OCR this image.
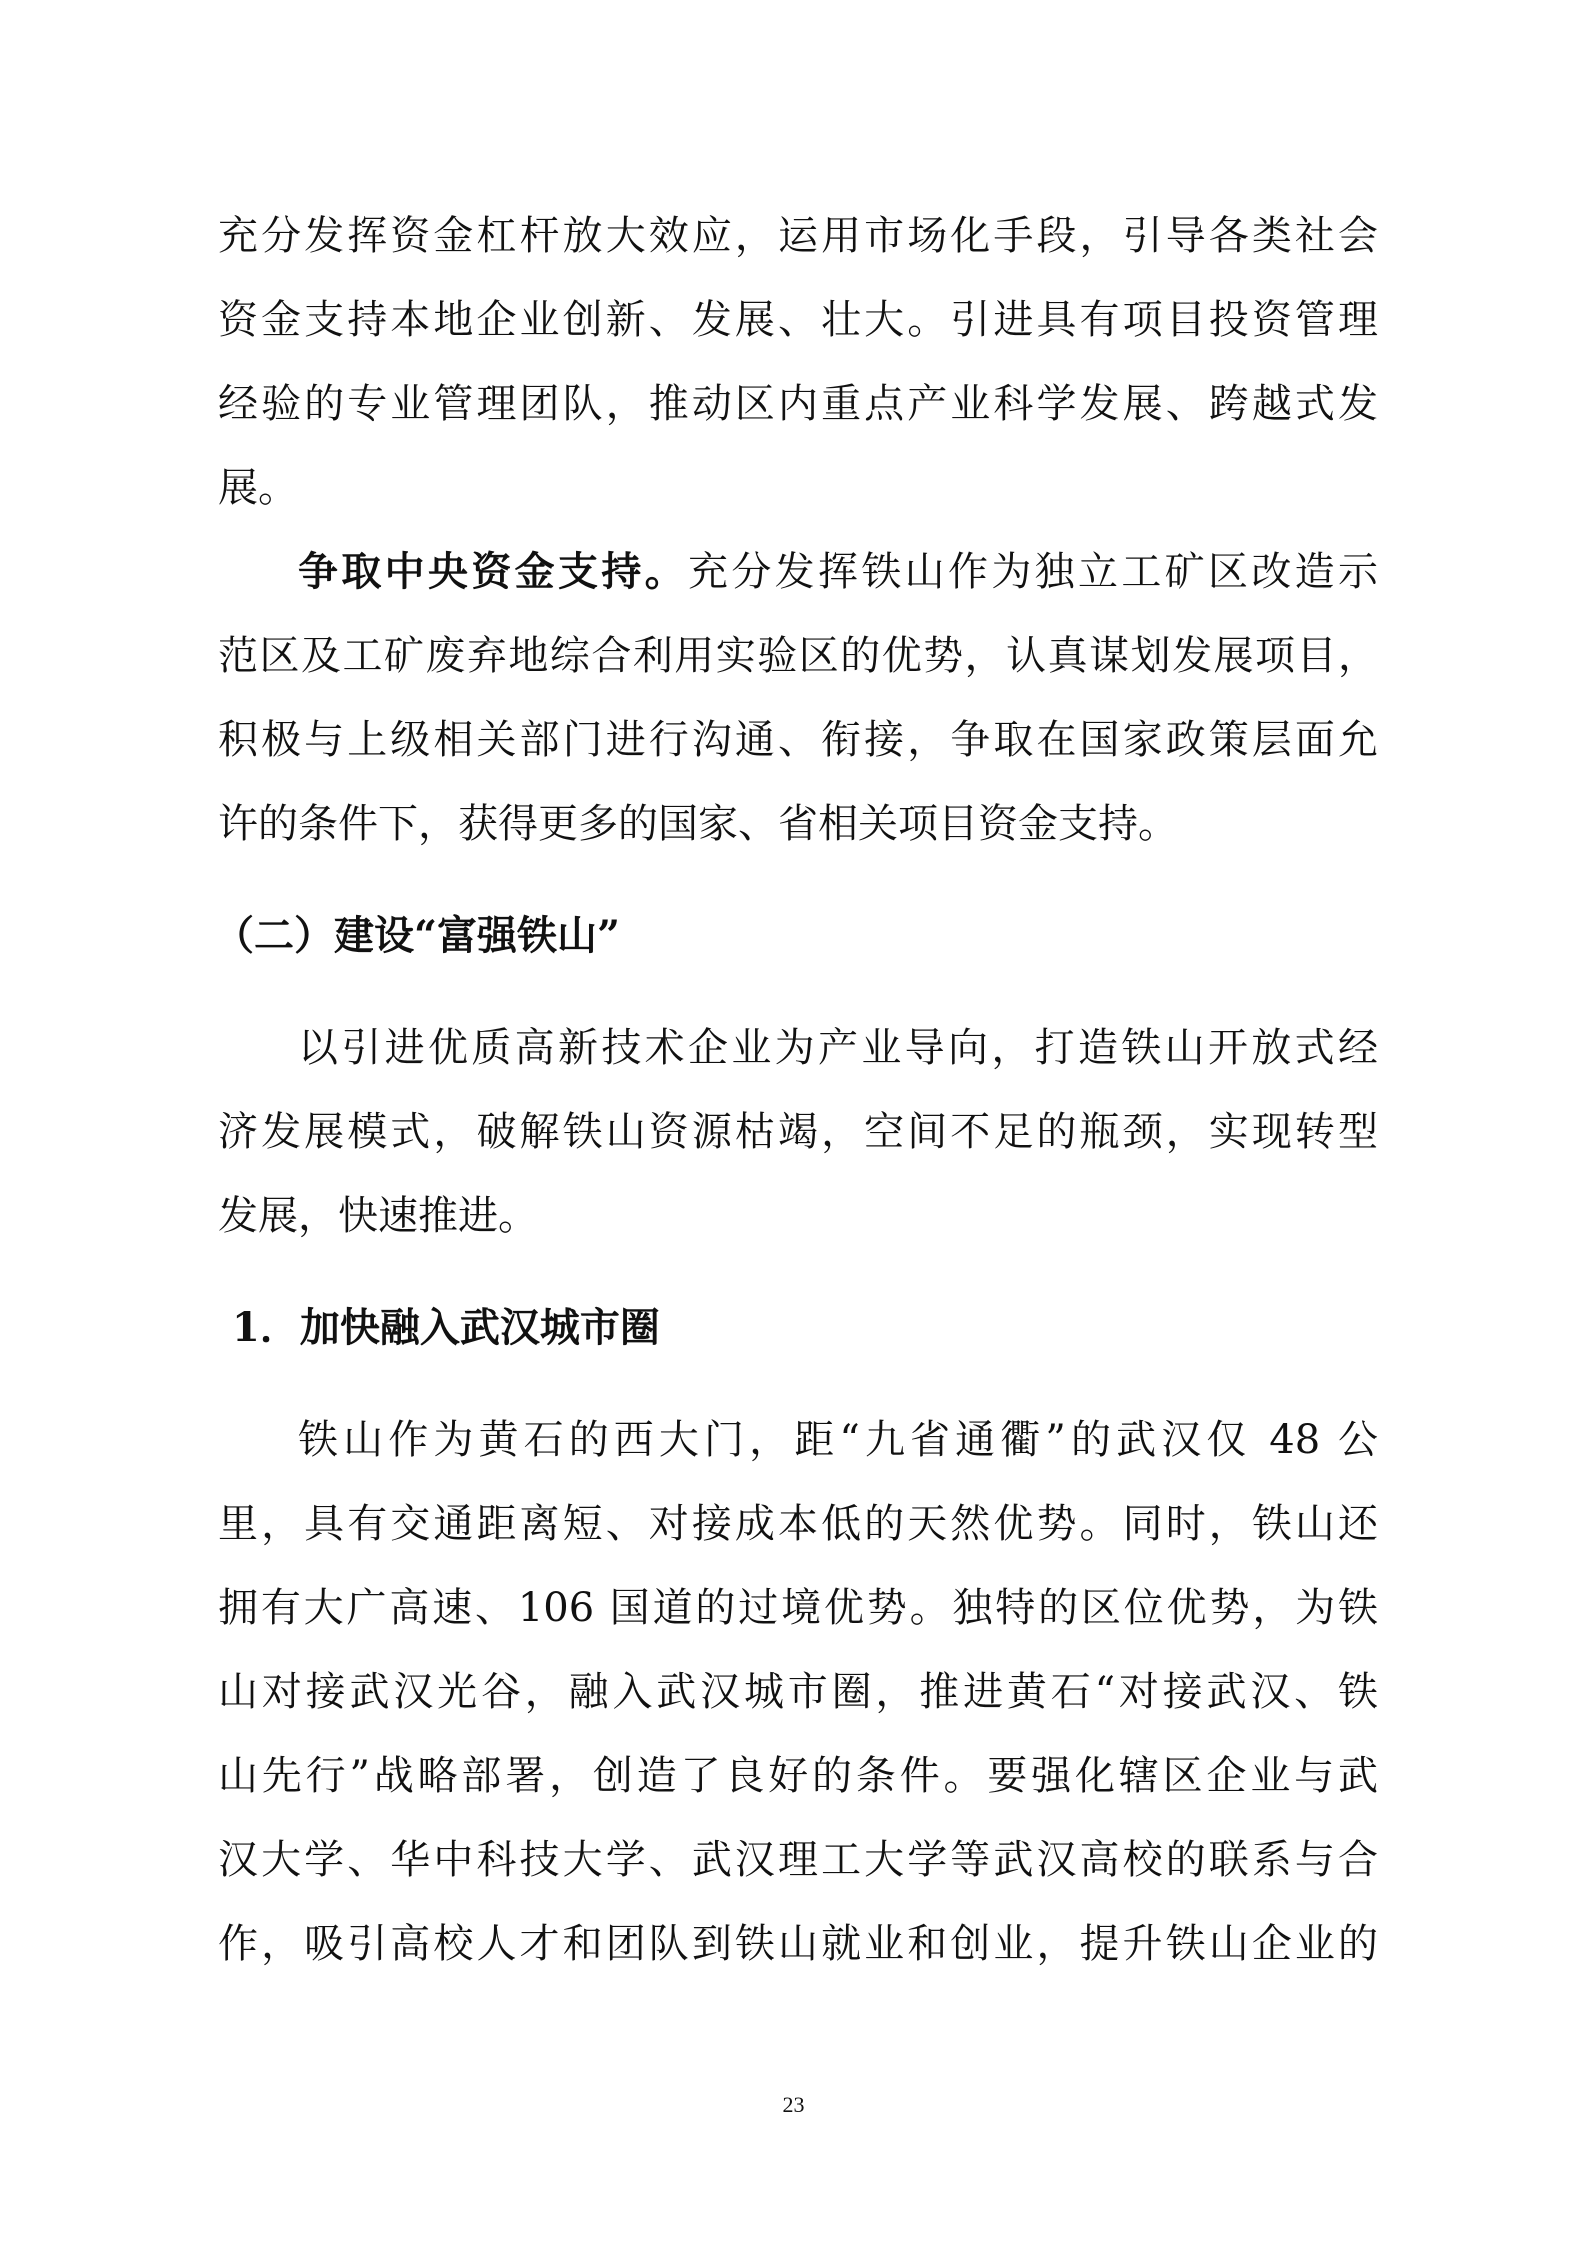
充分发挥资金杠杆放大效应，运用市场化手段，引导各类社会
资金支持本地企业创新、发展、壮大。引进具有项目投资管理
经验的专业管理团队，推动区内重点产业科学发展、跨越式发
展。
争取中央资金支持。充分发挥铁山作为独立工矿区改造示
范区及工矿废弃地综合利用实验区的优势，认真谋划发展项目，
积极与上级相关部门进行沟通、衔接，争取在国家政策层面允
许的条件下，获得更多的国家、省相关项目资金支持。
（二）建设“富强铁山”
以引进优质高新技术企业为产业导向，打造铁山开放式经
济发展模式，破解铁山资源枯竭，空间不足的瓶颈，实现转型
发展，快速推进。
1．加快融入武汉城市圈
铁山作为黄石的西大门，距“九省通衢”的武汉仅 48 公
里，具有交通距离短、对接成本低的天然优势。同时，铁山还
拥有大广高速、106 国道的过境优势。独特的区位优势，为铁
山对接武汉光谷，融入武汉城市圈，推进黄石“对接武汉、铁
山先行”战略部署，创造了良好的条件。要强化辖区企业与武
汉大学、华中科技大学、武汉理工大学等武汉高校的联系与合
作，吸引高校人才和团队到铁山就业和创业，提升铁山企业的
23
